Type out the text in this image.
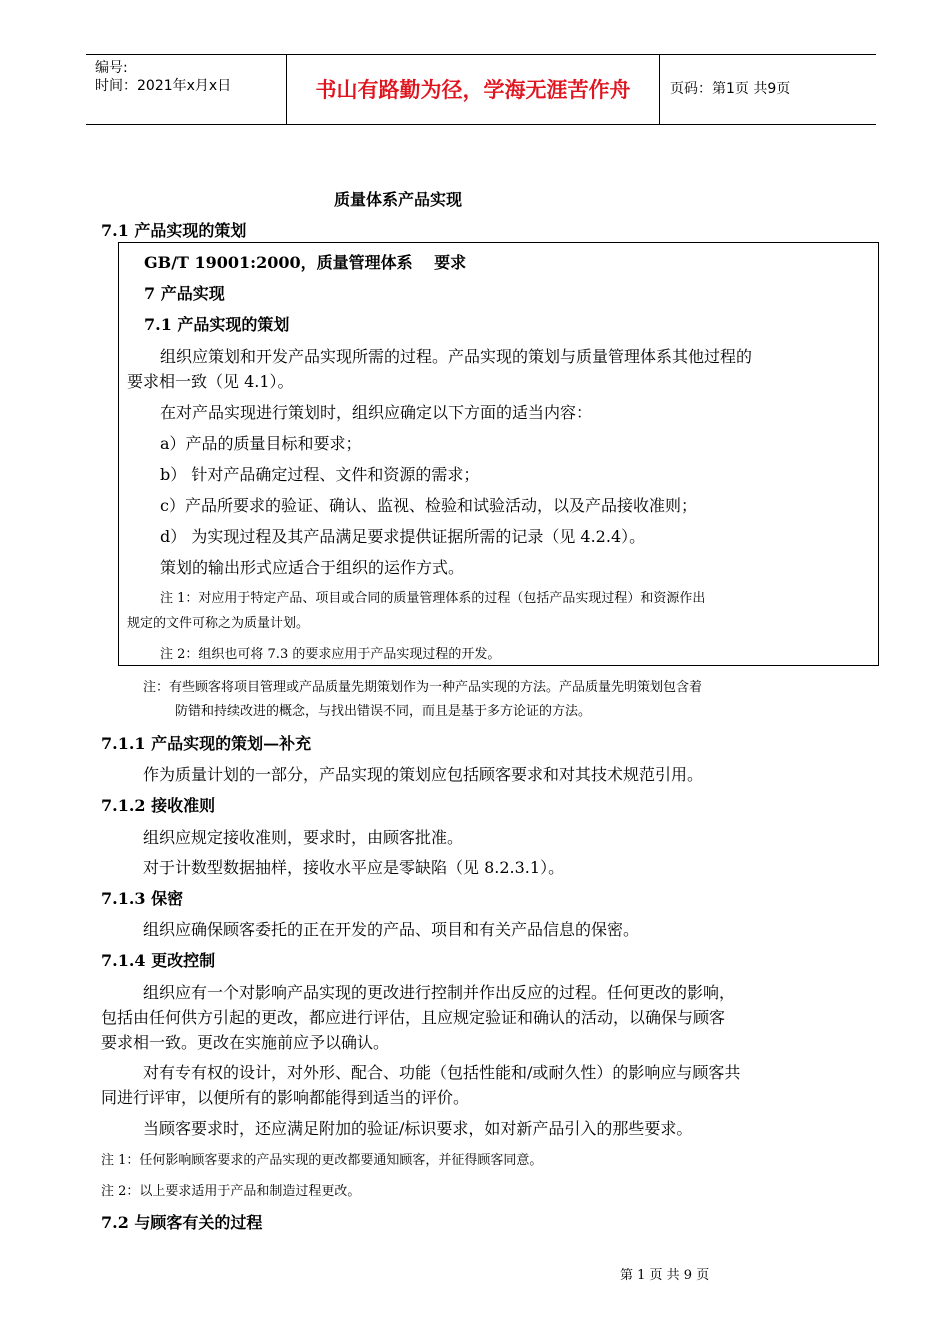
编号:
时间：2021年x月x日	书山有路勤为径，学海无涯苦作舟	页码：第1页 共9页
质量体系产品实现
7.1 产品实现的策划
GB/T 19001:2000，质量管理体系　 要求
7 产品实现
7.1 产品实现的策划
组织应策划和开发产品实现所需的过程。产品实现的策划与质量管理体系其他过程的
要求相一致（见 4.1）。
在对产品实现进行策划时，组织应确定以下方面的适当内容：
a）产品的质量目标和要求；
b） 针对产品确定过程、文件和资源的需求；
c）产品所要求的验证、确认、监视、检验和试验活动，以及产品接收准则；
d） 为实现过程及其产品满足要求提供证据所需的记录（见 4.2.4）。
策划的输出形式应适合于组织的运作方式。
注 1：对应用于特定产品、项目或合同的质量管理体系的过程（包括产品实现过程）和资源作出
规定的文件可称之为质量计划。
注 2：组织也可将 7.3 的要求应用于产品实现过程的开发。
注：有些顾客将项目管理或产品质量先期策划作为一种产品实现的方法。产品质量先明策划包含着
防错和持续改进的概念，与找出错误不同，而且是基于多方论证的方法。
7.1.1 产品实现的策划—补充
作为质量计划的一部分，产品实现的策划应包括顾客要求和对其技术规范引用。
7.1.2 接收准则
组织应规定接收准则，要求时，由顾客批准。
对于计数型数据抽样，接收水平应是零缺陷（见 8.2.3.1）。
7.1.3 保密
组织应确保顾客委托的正在开发的产品、项目和有关产品信息的保密。
7.1.4 更改控制
组织应有一个对影响产品实现的更改进行控制并作出反应的过程。任何更改的影响，
包括由任何供方引起的更改，都应进行评估，且应规定验证和确认的活动，以确保与顾客
要求相一致。更改在实施前应予以确认。
对有专有权的设计，对外形、配合、功能（包括性能和/或耐久性）的影响应与顾客共
同进行评审，以便所有的影响都能得到适当的评价。
当顾客要求时，还应满足附加的验证/标识要求，如对新产品引入的那些要求。
注 1：任何影响顾客要求的产品实现的更改都要通知顾客，并征得顾客同意。
注 2：以上要求适用于产品和制造过程更改。
7.2 与顾客有关的过程
第 1 页 共 9 页
